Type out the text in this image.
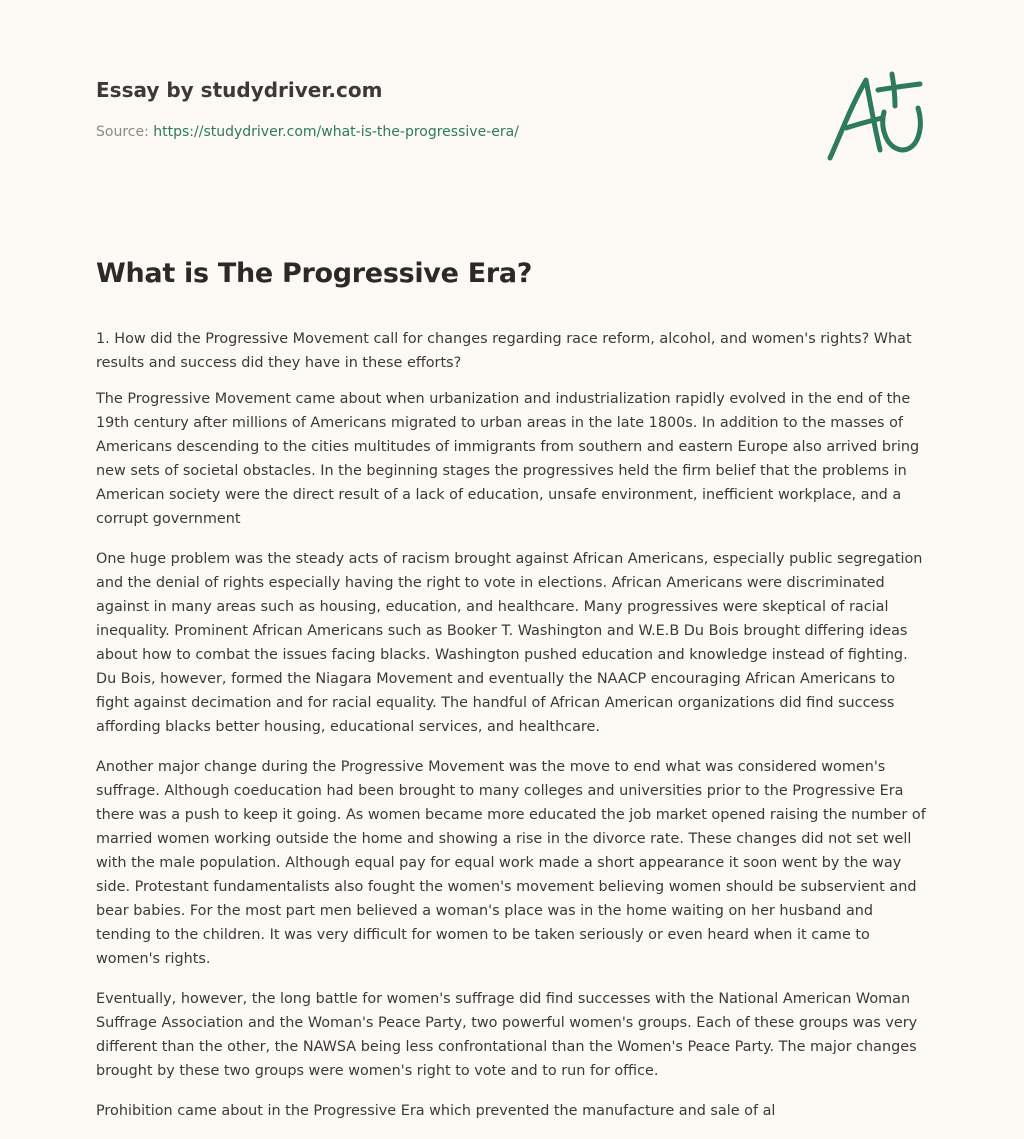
Essay by studydriver.com
Source: https://studydriver.com/what-is-the-progressive-era/
What is The Progressive Era?

1. How did the Progressive Movement call for changes regarding race reform, alcohol, and women's rights? What results and success did they have in these efforts?

The Progressive Movement came about when urbanization and industrialization rapidly evolved in the end of the 19th century after millions of Americans migrated to urban areas in the late 1800s. In addition to the masses of Americans descending to the cities multitudes of immigrants from southern and eastern Europe also arrived bring new sets of societal obstacles. In the beginning stages the progressives held the firm belief that the problems in American society were the direct result of a lack of education, unsafe environment, inefficient workplace, and a corrupt government

One huge problem was the steady acts of racism brought against African Americans, especially public segregation and the denial of rights especially having the right to vote in elections. African Americans were discriminated against in many areas such as housing, education, and healthcare. Many progressives were skeptical of racial inequality. Prominent African Americans such as Booker T. Washington and W.E.B Du Bois brought differing ideas about how to combat the issues facing blacks. Washington pushed education and knowledge instead of fighting. Du Bois, however, formed the Niagara Movement and eventually the NAACP encouraging African Americans to fight against decimation and for racial equality. The handful of African American organizations did find success affording blacks better housing, educational services, and healthcare.

Another major change during the Progressive Movement was the move to end what was considered women's suffrage. Although coeducation had been brought to many colleges and universities prior to the Progressive Era there was a push to keep it going. As women became more educated the job market opened raising the number of married women working outside the home and showing a rise in the divorce rate. These changes did not set well with the male population. Although equal pay for equal work made a short appearance it soon went by the way side. Protestant fundamentalists also fought the women's movement believing women should be subservient and bear babies. For the most part men believed a woman's place was in the home waiting on her husband and tending to the children. It was very difficult for women to be taken seriously or even heard when it came to women's rights.

Eventually, however, the long battle for women's suffrage did find successes with the National American Woman Suffrage Association and the Woman's Peace Party, two powerful women's groups. Each of these groups was very different than the other, the NAWSA being less confrontational than the Women's Peace Party. The major changes brought by these two groups were women's right to vote and to run for office.

Prohibition came about in the Progressive Era which prevented the manufacture and sale of al
